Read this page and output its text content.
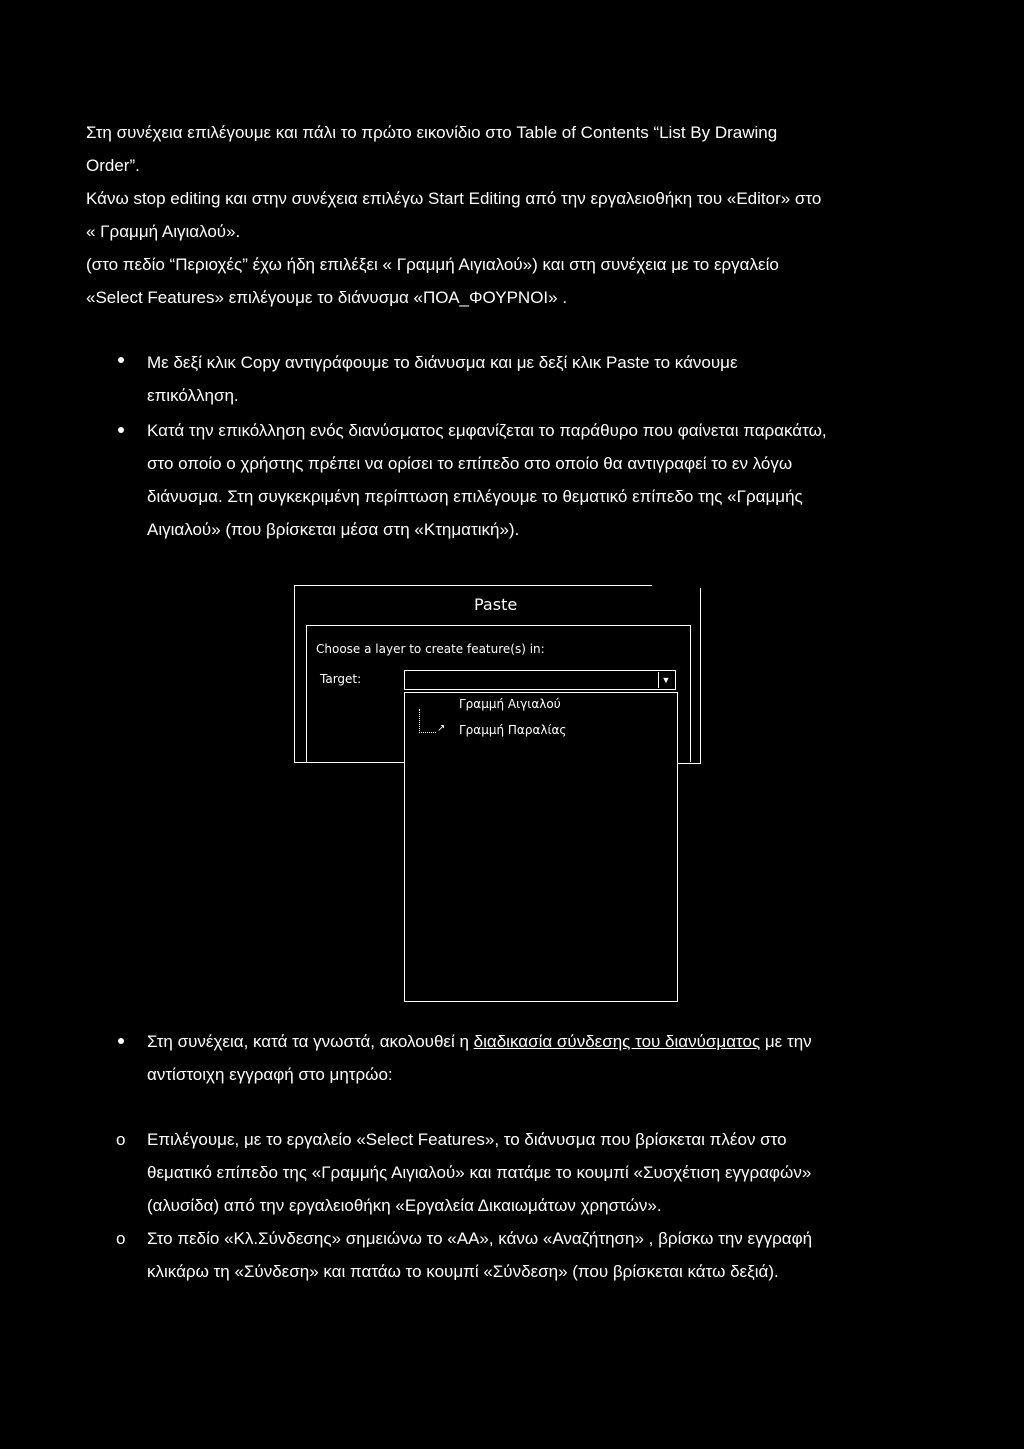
Στη συνέχεια επιλέγουμε και πάλι το πρώτο εικονίδιο στο Table of Contents “List By Drawing

Order”.

Κάνω stop editing και στην συνέχεια επιλέγω Start Editing από την εργαλειοθήκη του «Editor» στο

« Γραμμή Αιγιαλού».

(στο πεδίο “Περιοχές” έχω ήδη επιλέξει « Γραμμή Αιγιαλού») και στη συνέχεια με το εργαλείο

«Select Features» επιλέγουμε το διάνυσμα «ΠΟΑ_ΦΟΥΡΝΟΙ» .

Με δεξί κλικ Copy αντιγράφουμε το διάνυσμα και με δεξί κλικ Paste το κάνουμε

επικόλληση.

Κατά την επικόλληση ενός διανύσματος εμφανίζεται το παράθυρο που φαίνεται παρακάτω,

στο οποίο ο χρήστης πρέπει να ορίσει το επίπεδο στο οποίο θα αντιγραφεί το εν λόγω

διάνυσμα. Στη συγκεκριμένη περίπτωση επιλέγουμε το θεματικό επίπεδο της «Γραμμής

Αιγιαλού» (που βρίσκεται μέσα στη «Κτηματική»).

Paste
Choose a layer to create feature(s) in:
Target:	▼
Γραμμή Αιγιαλού
↗ Γραμμή Παραλίας

Στη συνέχεια, κατά τα γνωστά, ακολουθεί η διαδικασία σύνδεσης του διανύσματος με την

αντίστοιχη εγγραφή στο μητρώο:

o Επιλέγουμε, με το εργαλείο «Select Features», το διάνυσμα που βρίσκεται πλέον στο

θεματικό επίπεδο της «Γραμμής Αιγιαλού» και πατάμε το κουμπί «Συσχέτιση εγγραφών»

(αλυσίδα) από την εργαλειοθήκη «Εργαλεία Δικαιωμάτων χρηστών».

o Στο πεδίο «Κλ.Σύνδεσης» σημειώνω το «ΑΑ», κάνω «Αναζήτηση» , βρίσκω την εγγραφή

κλικάρω τη «Σύνδεση» και πατάω το κουμπί «Σύνδεση» (που βρίσκεται κάτω δεξιά).
